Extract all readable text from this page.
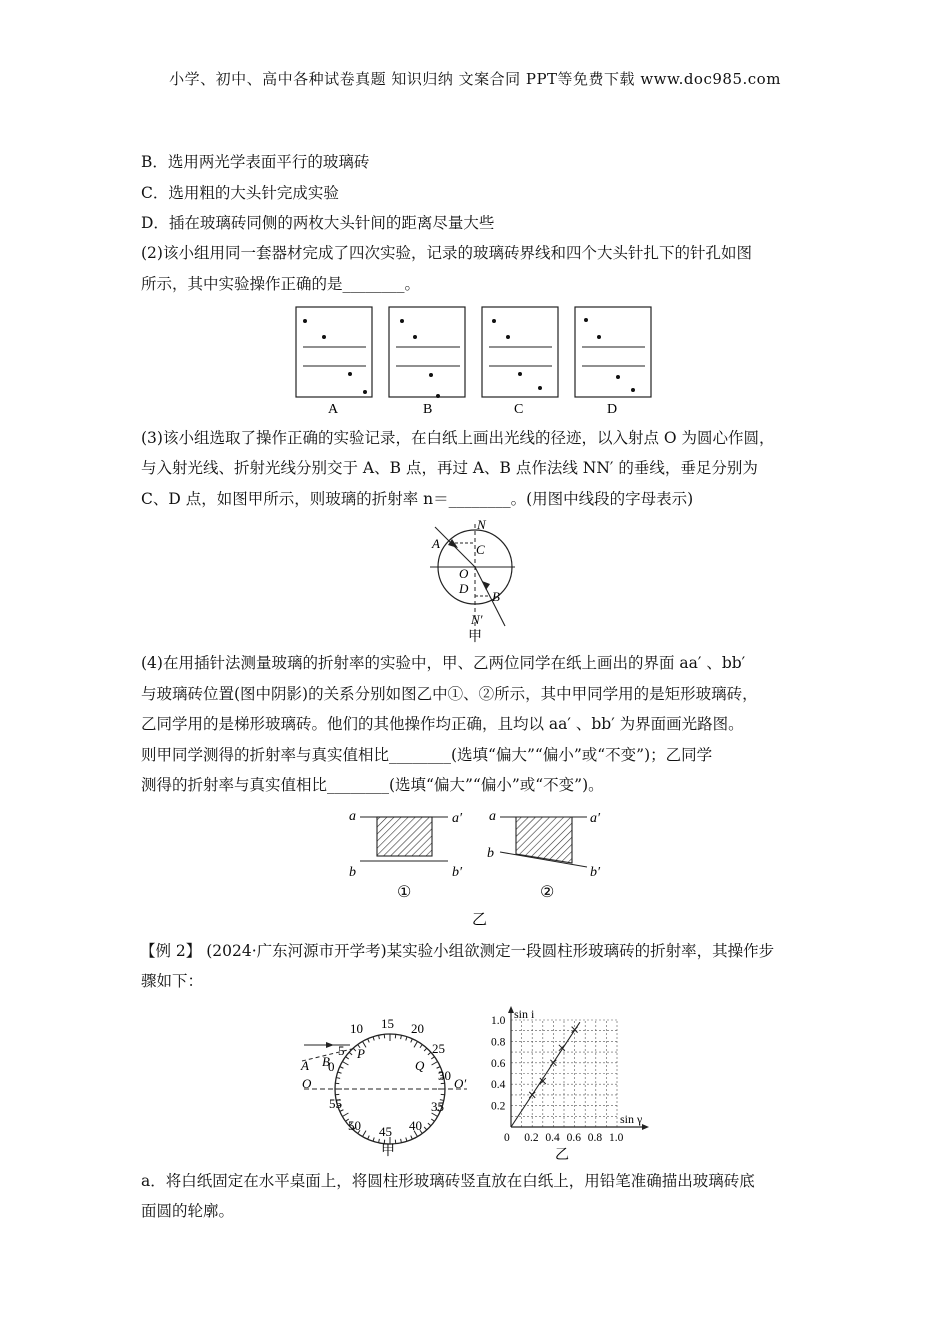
小学、初中、高中各种试卷真题 知识归纳 文案合同 PPT等免费下载 www.doc985.com
B．选用两光学表面平行的玻璃砖
C．选用粗的大头针完成实验
D．插在玻璃砖同侧的两枚大头针间的距离尽量大些
(2)该小组用同一套器材完成了四次实验，记录的玻璃砖界线和四个大头针扎下的针孔如图
所示，其中实验操作正确的是________。
A	B	C	D
(3)该小组选取了操作正确的实验记录，在白纸上画出光线的径迹，以入射点 O 为圆心作圆，
与入射光线、折射光线分别交于 A、B 点，再过 A、B 点作法线 NN′ 的垂线，垂足分别为
C、D 点，如图甲所示，则玻璃的折射率 n＝________。(用图中线段的字母表示)
N
A	C
O
D
B
N′
甲
(4)在用插针法测量玻璃的折射率的实验中，甲、乙两位同学在纸上画出的界面 aa′ 、bb′
与玻璃砖位置(图中阴影)的关系分别如图乙中①、②所示，其中甲同学用的是矩形玻璃砖，
乙同学用的是梯形玻璃砖。他们的其他操作均正确，且均以 aa′ 、bb′ 为界面画光路图。
则甲同学测得的折射率与真实值相比________(选填“偏大”“偏小”或“不变”)；乙同学
测得的折射率与真实值相比________(选填“偏大”“偏小”或“不变”)。
a	a′
b	b′
①
a	a′
b
b′
②
乙
【例 2】 (2024·广东河源市开学考)某实验小组欲测定一段圆柱形玻璃砖的折射率，其操作步
骤如下：
10 15 20
5	25
0
30
55	35
50	40
45
A B
P
Q
O	O′
甲
0 0.2 0.4 0.6 0.8 1.0
0.2
0.4
0.6
0.8
1.0 sin i
sin γ
乙
a．将白纸固定在水平桌面上，将圆柱形玻璃砖竖直放在白纸上，用铅笔准确描出玻璃砖底
面圆的轮廓。
